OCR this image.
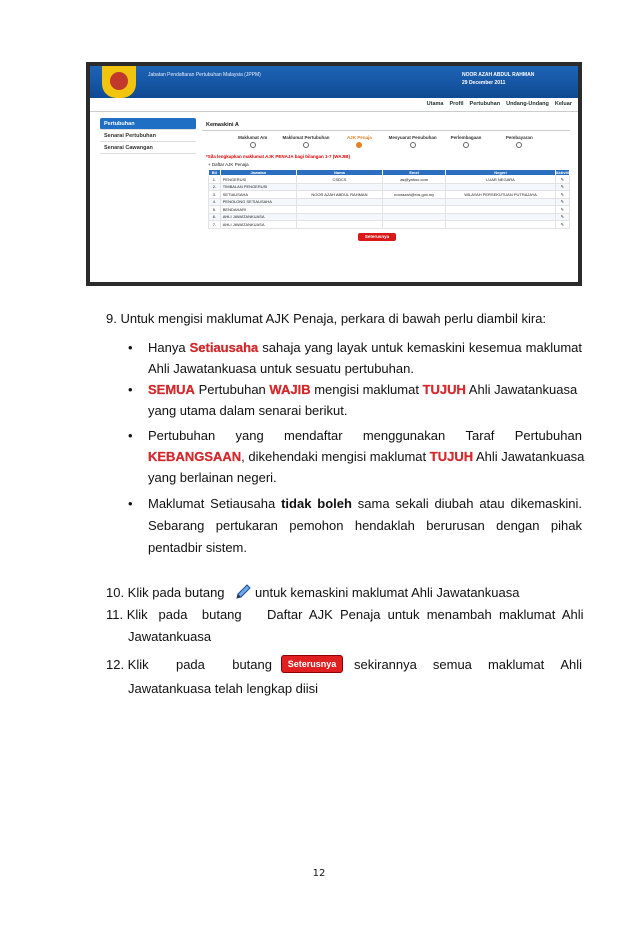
Jabatan Pendaftaran Pertubuhan Malaysia (JPPM)	NOOR AZAH ABDUL RAHMAN
29 December 2011
Utama Profil Pertubuhan Undang-Undang Keluar
Pertubuhan
Senarai Pertubuhan
Senarai Cawangan
Kemaskini A
Maklumat Am	Maklumat Pertubuhan	AJK Penaja	Mesyuarat Penubuhan	Perlembagaan	Pembayaran
*Sila lengkapkan maklumat AJK PENAJA bagi bilangan 1-7 (WAJIB)
+ Daftar AJK Penaja
Bil	Jawatan	Nama	Emel	Negeri	Aktiviti
1.	PENGERUSI	CSDCS	as@yahoo.com	LUAR NEGARA	✎
2.	TIMBALAN PENGERUSI				✎
3.	SETIAUSAHA	NOOR AZAH ABDUL RAHMAN	noorazah@ros.gov.my	WILAYAH PERSEKUTUAN PUTRAJAYA	✎
4.	PENOLONG SETIAUSAHA				✎
5.	BENDAHARI				✎
6.	AHLI JAWATANKUASA				✎
7.	AHLI JAWATANKUASA				✎
Seterusnya
9. Untuk mengisi maklumat AJK Penaja, perkara di bawah perlu diambil kira:
• Hanya Setiausaha sahaja yang layak untuk kemaskini kesemua maklumat
Ahli Jawatankuasa untuk sesuatu pertubuhan.
• SEMUA Pertubuhan WAJIB mengisi maklumat TUJUH Ahli Jawatankuasa
yang utama dalam senarai berikut.
• Pertubuhan yang mendaftar menggunakan Taraf Pertubuhan
KEBANGSAAN, dikehendaki mengisi maklumat TUJUH Ahli Jawatankuasa
yang berlainan negeri.
• Maklumat Setiausaha tidak boleh sama sekali diubah atau dikemaskini.
Sebarang pertukaran pemohon hendaklah berurusan dengan pihak
pentadbir sistem.
10. Klik pada butang untuk kemaskini maklumat Ahli Jawatankuasa
11. Klik   pada    butang Daftar  AJK  Penaja  untuk  menambah  maklumat  Ahli
Jawatankuasa
12. Klik pada butang	Seterusnya	sekirannya semua maklumat Ahli
Jawatankuasa telah lengkap diisi
12
